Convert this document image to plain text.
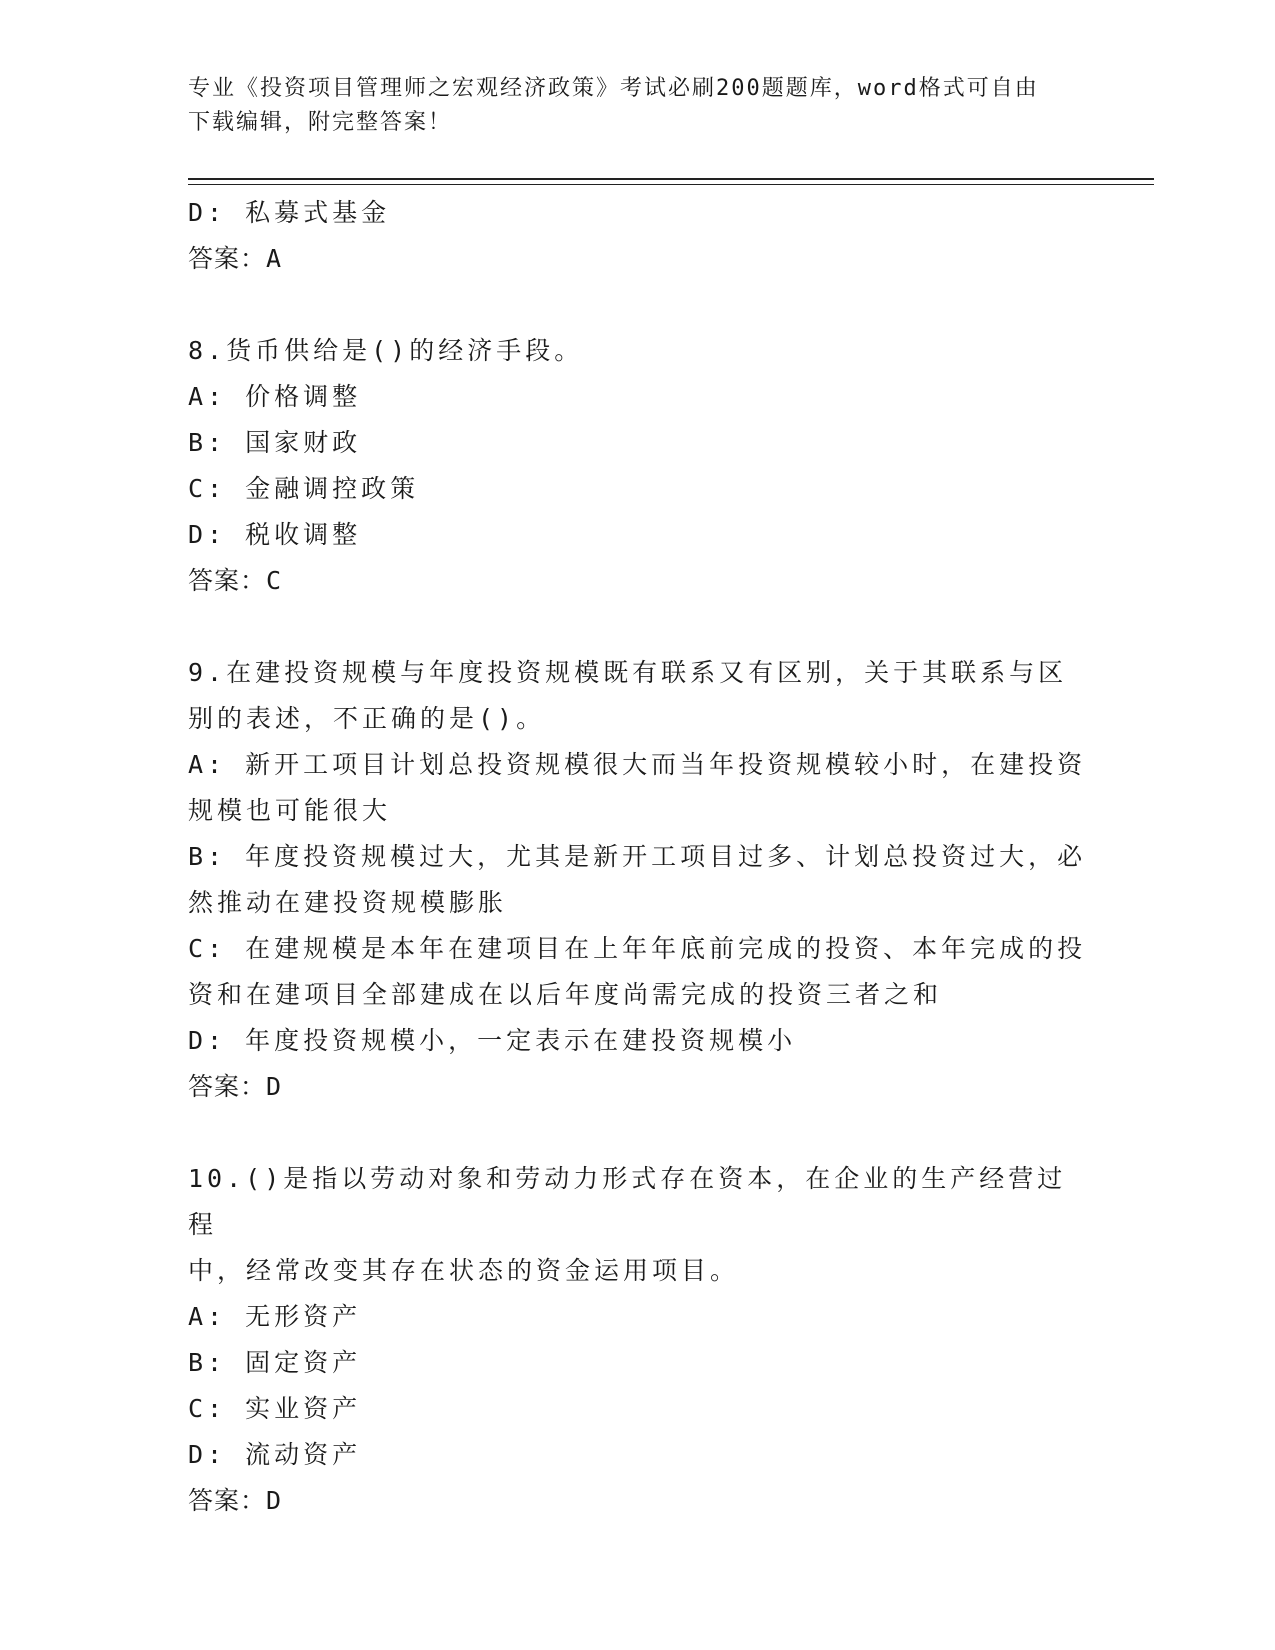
专业《投资项目管理师之宏观经济政策》考试必刷200题题库，word格式可自由
下载编辑，附完整答案！
D: 私募式基金
答案：A
8.货币供给是()的经济手段。
A: 价格调整
B: 国家财政
C: 金融调控政策
D: 税收调整
答案：C
9.在建投资规模与年度投资规模既有联系又有区别，关于其联系与区
别的表述，不正确的是()。
A: 新开工项目计划总投资规模很大而当年投资规模较小时，在建投资
规模也可能很大
B: 年度投资规模过大，尤其是新开工项目过多、计划总投资过大，必
然推动在建投资规模膨胀
C: 在建规模是本年在建项目在上年年底前完成的投资、本年完成的投
资和在建项目全部建成在以后年度尚需完成的投资三者之和
D: 年度投资规模小，一定表示在建投资规模小
答案：D
10.()是指以劳动对象和劳动力形式存在资本，在企业的生产经营过程
中，经常改变其存在状态的资金运用项目。
A: 无形资产
B: 固定资产
C: 实业资产
D: 流动资产
答案：D
